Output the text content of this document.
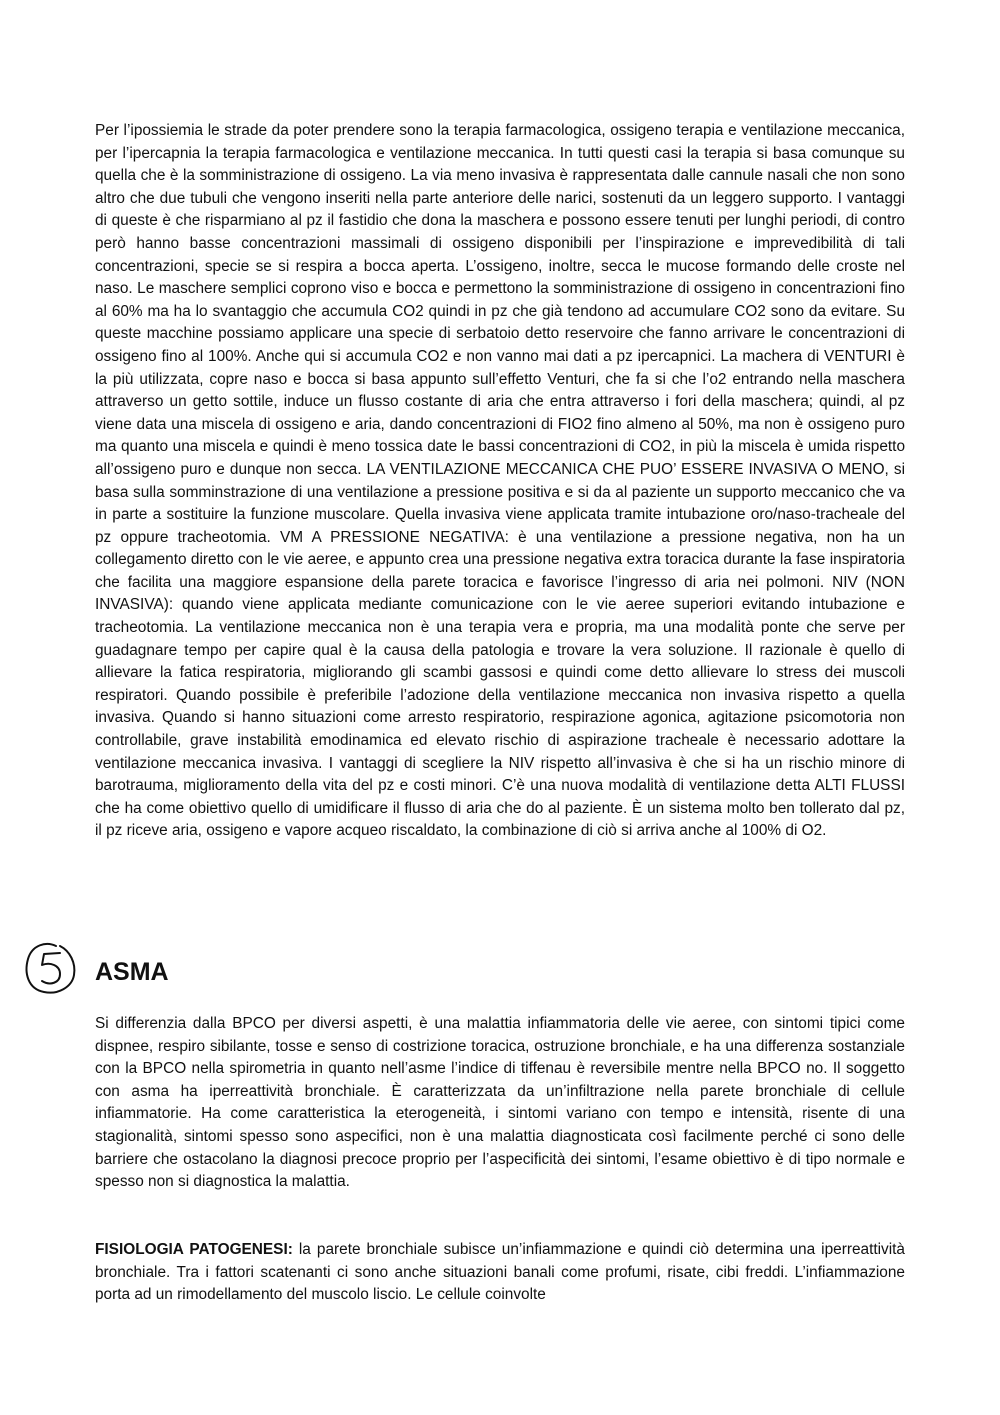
Per l’ipossiemia le strade da poter prendere sono la terapia farmacologica, ossigeno terapia e ventilazione meccanica, per l’ipercapnia la terapia farmacologica e ventilazione meccanica. In tutti questi casi la terapia si basa comunque su quella che è la somministrazione di ossigeno. La via meno invasiva è rappresentata dalle cannule nasali che non sono altro che due tubuli che vengono inseriti nella parte anteriore delle narici, sostenuti da un leggero supporto. I vantaggi di queste è che risparmiano al pz il fastidio che dona la maschera e possono essere tenuti per lunghi periodi, di contro però hanno basse concentrazioni massimali di ossigeno disponibili per l’inspirazione e imprevedibilità di tali concentrazioni, specie se si respira a bocca aperta. L’ossigeno, inoltre, secca le mucose formando delle croste nel naso. Le maschere semplici coprono viso e bocca e permettono la somministrazione di ossigeno in concentrazioni fino al 60% ma ha lo svantaggio che accumula CO2 quindi in pz che già tendono ad accumulare CO2 sono da evitare. Su queste macchine possiamo applicare una specie di serbatoio detto reservoire che fanno arrivare le concentrazioni di ossigeno fino al 100%. Anche qui si accumula CO2 e non vanno mai dati a pz ipercapnici. La machera di VENTURI è la più utilizzata, copre naso e bocca si basa appunto sull’effetto Venturi, che fa si che l’o2 entrando nella maschera attraverso un getto sottile, induce un flusso costante di aria che entra attraverso i fori della maschera; quindi, al pz viene data una miscela di ossigeno e aria, dando concentrazioni di FIO2 fino almeno al 50%, ma non è ossigeno puro ma quanto una miscela e quindi è meno tossica date le bassi concentrazioni di CO2, in più la miscela è umida rispetto all’ossigeno puro e dunque non secca. LA VENTILAZIONE MECCANICA CHE PUO’ ESSERE INVASIVA O MENO, si basa sulla somminstrazione di una ventilazione a pressione positiva e si da al paziente un supporto meccanico che va in parte a sostituire la funzione muscolare. Quella invasiva viene applicata tramite intubazione oro/naso-tracheale del pz oppure tracheotomia. VM A PRESSIONE NEGATIVA: è una ventilazione a pressione negativa, non ha un collegamento diretto con le vie aeree, e appunto crea una pressione negativa extra toracica durante la fase inspiratoria che facilita una maggiore espansione della parete toracica e favorisce l’ingresso di aria nei polmoni. NIV (NON INVASIVA): quando viene applicata mediante comunicazione con le vie aeree superiori evitando intubazione e tracheotomia. La ventilazione meccanica non è una terapia vera e propria, ma una modalità ponte che serve per guadagnare tempo per capire qual è la causa della patologia e trovare la vera soluzione. Il razionale è quello di allievare la fatica respiratoria, migliorando gli scambi gassosi e quindi come detto allievare lo stress dei muscoli respiratori. Quando possibile è preferibile l’adozione della ventilazione meccanica non invasiva rispetto a quella invasiva. Quando si hanno situazioni come arresto respiratorio, respirazione agonica, agitazione psicomotoria non controllabile, grave instabilità emodinamica ed elevato rischio di aspirazione tracheale è necessario adottare la ventilazione meccanica invasiva. I vantaggi di scegliere la NIV rispetto all’invasiva è che si ha un rischio minore di barotrauma, miglioramento della vita del pz e costi minori. C’è una nuova modalità di ventilazione detta ALTI FLUSSI che ha come obiettivo quello di umidificare il flusso di aria che do al paziente. È un sistema molto ben tollerato dal pz, il pz riceve aria, ossigeno e vapore acqueo riscaldato, la combinazione di ciò si arriva anche al 100% di O2.

ASMA

Si differenzia dalla BPCO per diversi aspetti, è una malattia infiammatoria delle vie aeree, con sintomi tipici come dispnee, respiro sibilante, tosse e senso di costrizione toracica, ostruzione bronchiale, e ha una differenza sostanziale con la BPCO nella spirometria in quanto nell’asme l’indice di tiffenau è reversibile mentre nella BPCO no. Il soggetto con asma ha iperreattività bronchiale. È caratterizzata da un’infiltrazione nella parete bronchiale di cellule infiammatorie. Ha come caratteristica la eterogeneità, i sintomi variano con tempo e intensità, risente di una stagionalità, sintomi spesso sono aspecifici, non è una malattia diagnosticata così facilmente perché ci sono delle barriere che ostacolano la diagnosi precoce proprio per l’aspecificità dei sintomi, l’esame obiettivo è di tipo normale e spesso non si diagnostica la malattia.

FISIOLOGIA PATOGENESI: la parete bronchiale subisce un’infiammazione e quindi ciò determina una iperreattività bronchiale. Tra i fattori scatenanti ci sono anche situazioni banali come profumi, risate, cibi freddi. L’infiammazione porta ad un rimodellamento del muscolo liscio. Le cellule coinvolte
